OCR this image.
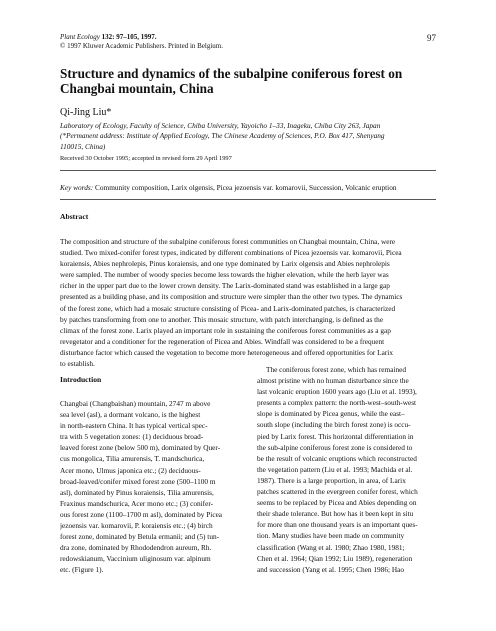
Plant Ecology 132: 97–105, 1997.
© 1997 Kluwer Academic Publishers. Printed in Belgium.
97
Structure and dynamics of the subalpine coniferous forest on Changbai mountain, China
Qi-Jing Liu*
Laboratory of Ecology, Faculty of Science, Chiba University, Yayoicho 1–33, Inageku, Chiba City 263, Japan
(*Permanent address: Institute of Applied Ecology, The Chinese Academy of Sciences, P.O. Box 417, Shenyang
110015, China)
Received 30 October 1995; accepted in revised form 29 April 1997
Key words: Community composition, Larix olgensis, Picea jezoensis var. komarovii, Succession, Volcanic eruption
Abstract
The composition and structure of the subalpine coniferous forest communities on Changbai mountain, China, were
studied. Two mixed-conifer forest types, indicated by different combinations of Picea jezoensis var. komarovii, Picea
koraiensis, Abies nephrolepis, Pinus koraiensis, and one type dominated by Larix olgensis and Abies nephrolepis
were sampled. The number of woody species become less towards the higher elevation, while the herb layer was
richer in the upper part due to the lower crown density. The Larix-dominated stand was established in a large gap
presented as a building phase, and its composition and structure were simpler than the other two types. The dynamics
of the forest zone, which had a mosaic structure consisting of Picea- and Larix-dominated patches, is characterized
by patches transforming from one to another. This mosaic structure, with patch interchanging, is defined as the
climax of the forest zone. Larix played an important role in sustaining the coniferous forest communities as a gap
revegetator and a conditioner for the regeneration of Picea and Abies. Windfall was considered to be a frequent
disturbance factor which caused the vegetation to become more heterogeneous and offered opportunities for Larix
to establish.
Introduction
Changbai (Changbaishan) mountain, 2747 m above
sea level (asl), a dormant volcano, is the highest
in north-eastern China. It has typical vertical spec-
tra with 5 vegetation zones: (1) deciduous broad-
leaved forest zone (below 500 m), dominated by Quer-
cus mongolica, Tilia amurensis, T. mandschurica,
Acer mono, Ulmus japonica etc.; (2) deciduous-
broad-leaved/conifer mixed forest zone (500–1100 m
asl), dominated by Pinus koraiensis, Tilia amurensis,
Fraxinus mandschurica, Acer mono etc.; (3) conifer-
ous forest zone (1100–1700 m asl), dominated by Picea
jezoensis var. komarovii, P. koraiensis etc.; (4) birch
forest zone, dominated by Betula ermanii; and (5) tun-
dra zone, dominated by Rhododendron aureum, Rh.
redowskianum, Vaccinium uliginosum var. alpinum
etc. (Figure 1).
The coniferous forest zone, which has remained
almost pristine with no human disturbance since the
last volcanic eruption 1600 years ago (Liu et al. 1993),
presents a complex pattern: the north-west–south-west
slope is dominated by Picea genus, while the east–
south slope (including the birch forest zone) is occu-
pied by Larix forest. This horizontal differentiation in
the sub-alpine coniferous forest zone is considered to
be the result of volcanic eruptions which reconstructed
the vegetation pattern (Liu et al. 1993; Machida et al.
1987). There is a large proportion, in area, of Larix
patches scattered in the evergreen conifer forest, which
seems to be replaced by Picea and Abies depending on
their shade tolerance. But how has it been kept in situ
for more than one thousand years is an important ques-
tion. Many studies have been made on community
classification (Wang et al. 1980; Zhao 1980, 1981;
Chen et al. 1964; Qian 1992; Liu 1989), regeneration
and succession (Yang et al. 1995; Chen 1986; Hao
